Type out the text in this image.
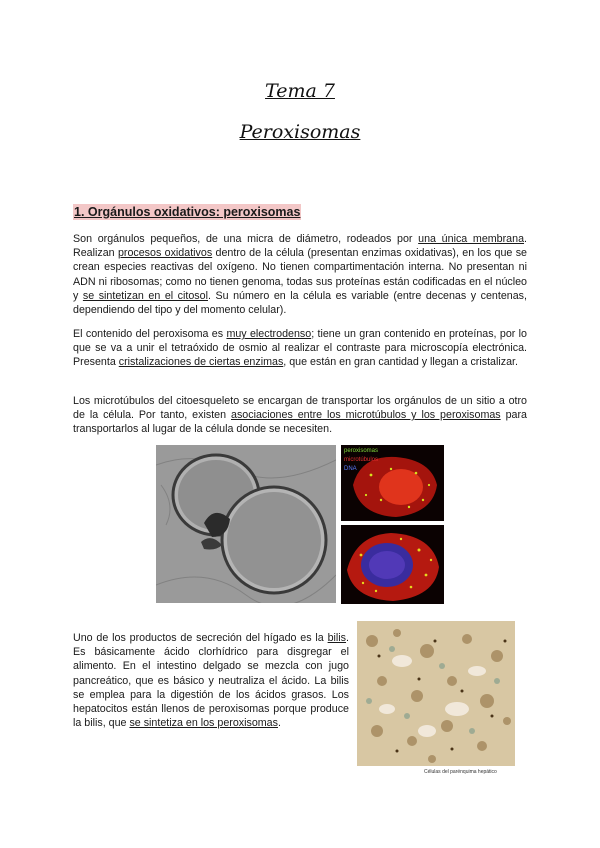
Tema 7
Peroxisomas
1. Orgánulos oxidativos: peroxisomas

Son orgánulos pequeños, de una micra de diámetro, rodeados por una única membrana. Realizan procesos oxidativos dentro de la célula (presentan enzimas oxidativas), en los que se crean especies reactivas del oxígeno. No tienen compartimentación interna. No presentan ni ADN ni ribosomas; como no tienen genoma, todas sus proteínas están codificadas en el núcleo y se sintetizan en el citosol. Su número en la célula es variable (entre decenas y centenas, dependiendo del tipo y del momento celular).

El contenido del peroxisoma es muy electrodenso; tiene un gran contenido en proteínas, por lo que se va a unir el tetraóxido de osmio al realizar el contraste para microscopía electrónica. Presenta cristalizaciones de ciertas enzimas, que están en gran cantidad y llegan a cristalizar.

Los microtúbulos del citoesqueleto se encargan de transportar los orgánulos de un sitio a otro de la célula. Por tanto, existen asociaciones entre los microtúbulos y los peroxisomas para transportarlos al lugar de la célula donde se necesiten.

peroxisomas
microtúbulos
DNA

Uno de los productos de secreción del hígado es la bilis. Es básicamente ácido clorhídrico para disgregar el alimento. En el intestino delgado se mezcla con jugo pancreático, que es básico y neutraliza el ácido. La bilis se emplea para la digestión de los ácidos grasos. Los hepatocitos están llenos de peroxisomas porque produce la bilis, que se sintetiza en los peroxisomas.

Células del parénquima hepático
